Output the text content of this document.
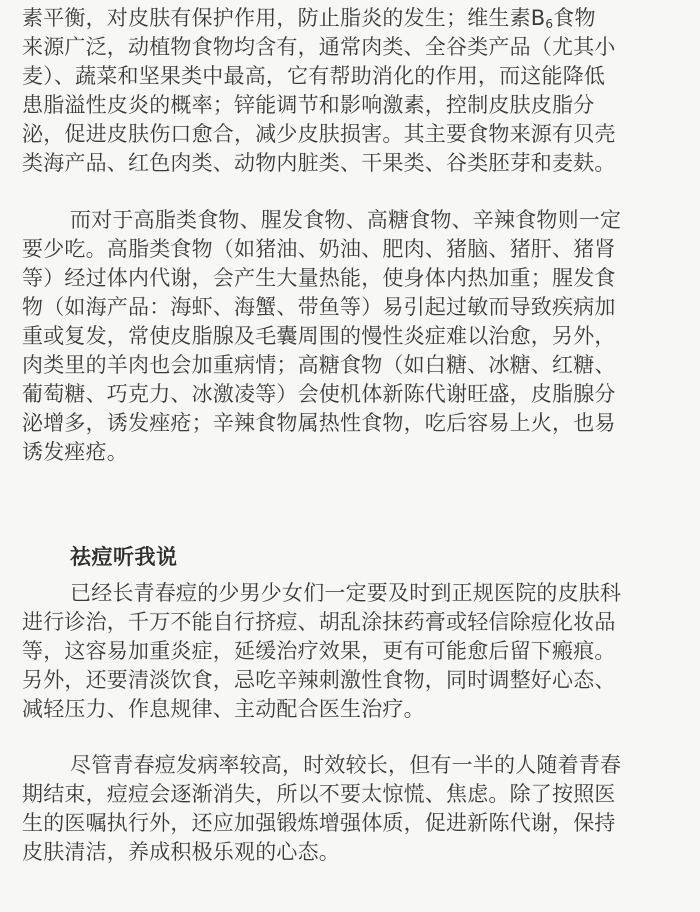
素平衡，对皮肤有保护作用，防止脂炎的发生；维生素$B_6$食物
来源广泛，动植物食物均含有，通常肉类、全谷类产品（尤其小
麦）、蔬菜和坚果类中最高，它有帮助消化的作用，而这能降低
患脂溢性皮炎的概率；锌能调节和影响激素，控制皮肤皮脂分
泌，促进皮肤伤口愈合，减少皮肤损害。其主要食物来源有贝壳
类海产品、红色肉类、动物内脏类、干果类、谷类胚芽和麦麸。
而对于高脂类食物、腥发食物、高糖食物、辛辣食物则一定
要少吃。高脂类食物（如猪油、奶油、肥肉、猪脑、猪肝、猪肾
等）经过体内代谢，会产生大量热能，使身体内热加重；腥发食
物（如海产品：海虾、海蟹、带鱼等）易引起过敏而导致疾病加
重或复发，常使皮脂腺及毛囊周围的慢性炎症难以治愈，另外，
肉类里的羊肉也会加重病情；高糖食物（如白糖、冰糖、红糖、
葡萄糖、巧克力、冰激凌等）会使机体新陈代谢旺盛，皮脂腺分
泌增多，诱发痤疮；辛辣食物属热性食物，吃后容易上火，也易
诱发痤疮。
祛痘听我说
已经长青春痘的少男少女们一定要及时到正规医院的皮肤科
进行诊治，千万不能自行挤痘、胡乱涂抹药膏或轻信除痘化妆品
等，这容易加重炎症，延缓治疗效果，更有可能愈后留下瘢痕。
另外，还要清淡饮食，忌吃辛辣刺激性食物，同时调整好心态、
减轻压力、作息规律、主动配合医生治疗。
尽管青春痘发病率较高，时效较长，但有一半的人随着青春
期结束，痘痘会逐渐消失，所以不要太惊慌、焦虑。除了按照医
生的医嘱执行外，还应加强锻炼增强体质，促进新陈代谢，保持
皮肤清洁，养成积极乐观的心态。
